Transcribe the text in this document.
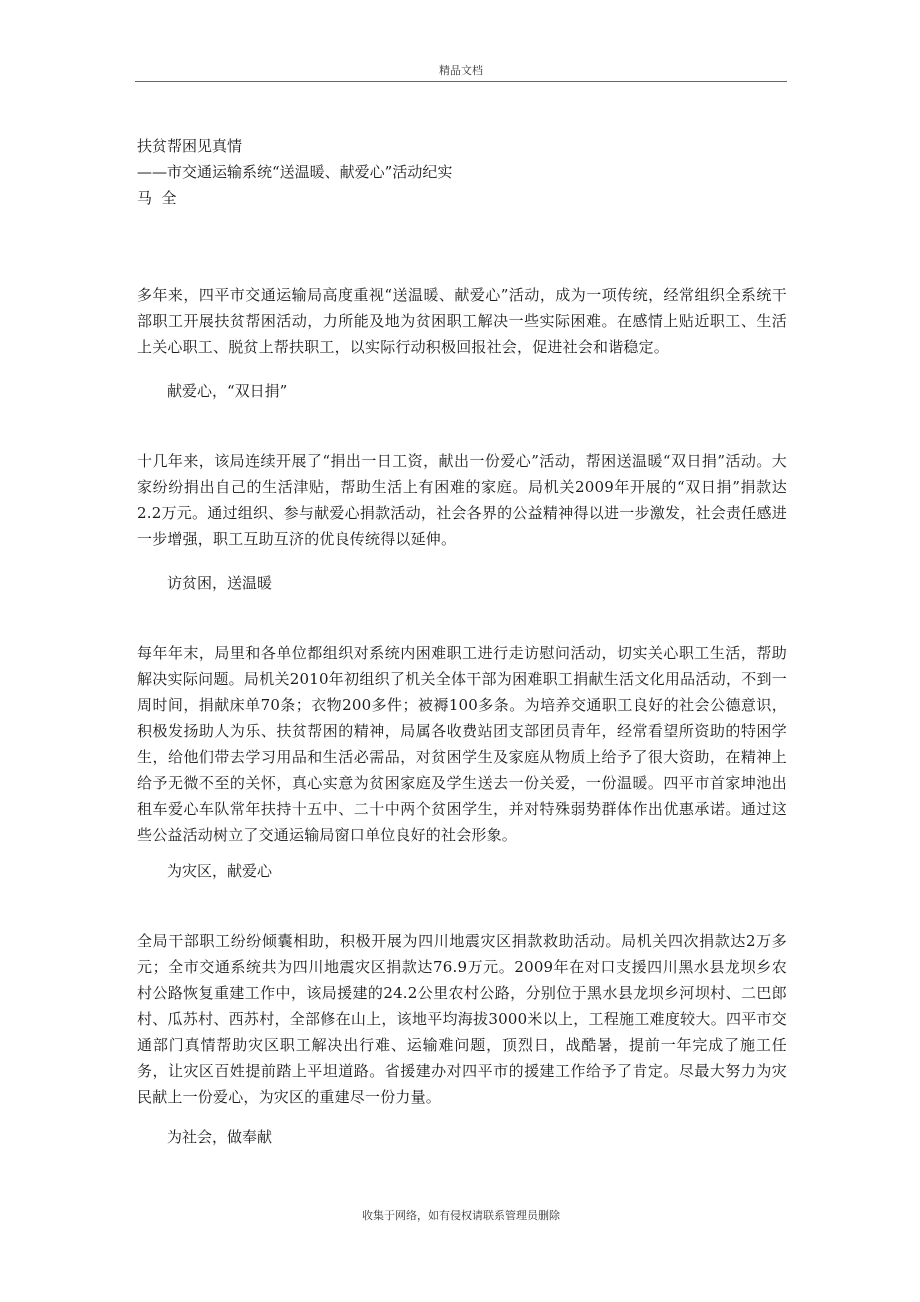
精品文档
扶贫帮困见真情
——市交通运输系统“送温暖、献爱心”活动纪实
马  全
多年来，四平市交通运输局高度重视“送温暖、献爱心”活动，成为一项传统，经常组织全系统干部职工开展扶贫帮困活动，力所能及地为贫困职工解决一些实际困难。在感情上贴近职工、生活上关心职工、脱贫上帮扶职工，以实际行动积极回报社会，促进社会和谐稳定。
献爱心，“双日捐”
十几年来，该局连续开展了“捐出一日工资，献出一份爱心”活动，帮困送温暖“双日捐”活动。大家纷纷捐出自己的生活津贴，帮助生活上有困难的家庭。局机关2009年开展的“双日捐”捐款达2.2万元。通过组织、参与献爱心捐款活动，社会各界的公益精神得以进一步激发，社会责任感进一步增强，职工互助互济的优良传统得以延伸。
访贫困，送温暖
每年年末，局里和各单位都组织对系统内困难职工进行走访慰问活动，切实关心职工生活，帮助解决实际问题。局机关2010年初组织了机关全体干部为困难职工捐献生活文化用品活动，不到一周时间，捐献床单70条；衣物200多件；被褥100多条。为培养交通职工良好的社会公德意识，积极发扬助人为乐、扶贫帮困的精神，局属各收费站团支部团员青年，经常看望所资助的特困学生，给他们带去学习用品和生活必需品，对贫困学生及家庭从物质上给予了很大资助，在精神上给予无微不至的关怀，真心实意为贫困家庭及学生送去一份关爱，一份温暖。四平市首家坤池出租车爱心车队常年扶持十五中、二十中两个贫困学生，并对特殊弱势群体作出优惠承诺。通过这些公益活动树立了交通运输局窗口单位良好的社会形象。
为灾区，献爱心
全局干部职工纷纷倾囊相助，积极开展为四川地震灾区捐款救助活动。局机关四次捐款达2万多元；全市交通系统共为四川地震灾区捐款达76.9万元。2009年在对口支援四川黑水县龙坝乡农村公路恢复重建工作中，该局援建的24.2公里农村公路，分别位于黑水县龙坝乡河坝村、二巴郎村、瓜苏村、西苏村，全部修在山上，该地平均海拔3000米以上，工程施工难度较大。四平市交通部门真情帮助灾区职工解决出行难、运输难问题，顶烈日，战酷暑，提前一年完成了施工任务，让灾区百姓提前踏上平坦道路。省援建办对四平市的援建工作给予了肯定。尽最大努力为灾民献上一份爱心，为灾区的重建尽一份力量。
为社会，做奉献
收集于网络，如有侵权请联系管理员删除
